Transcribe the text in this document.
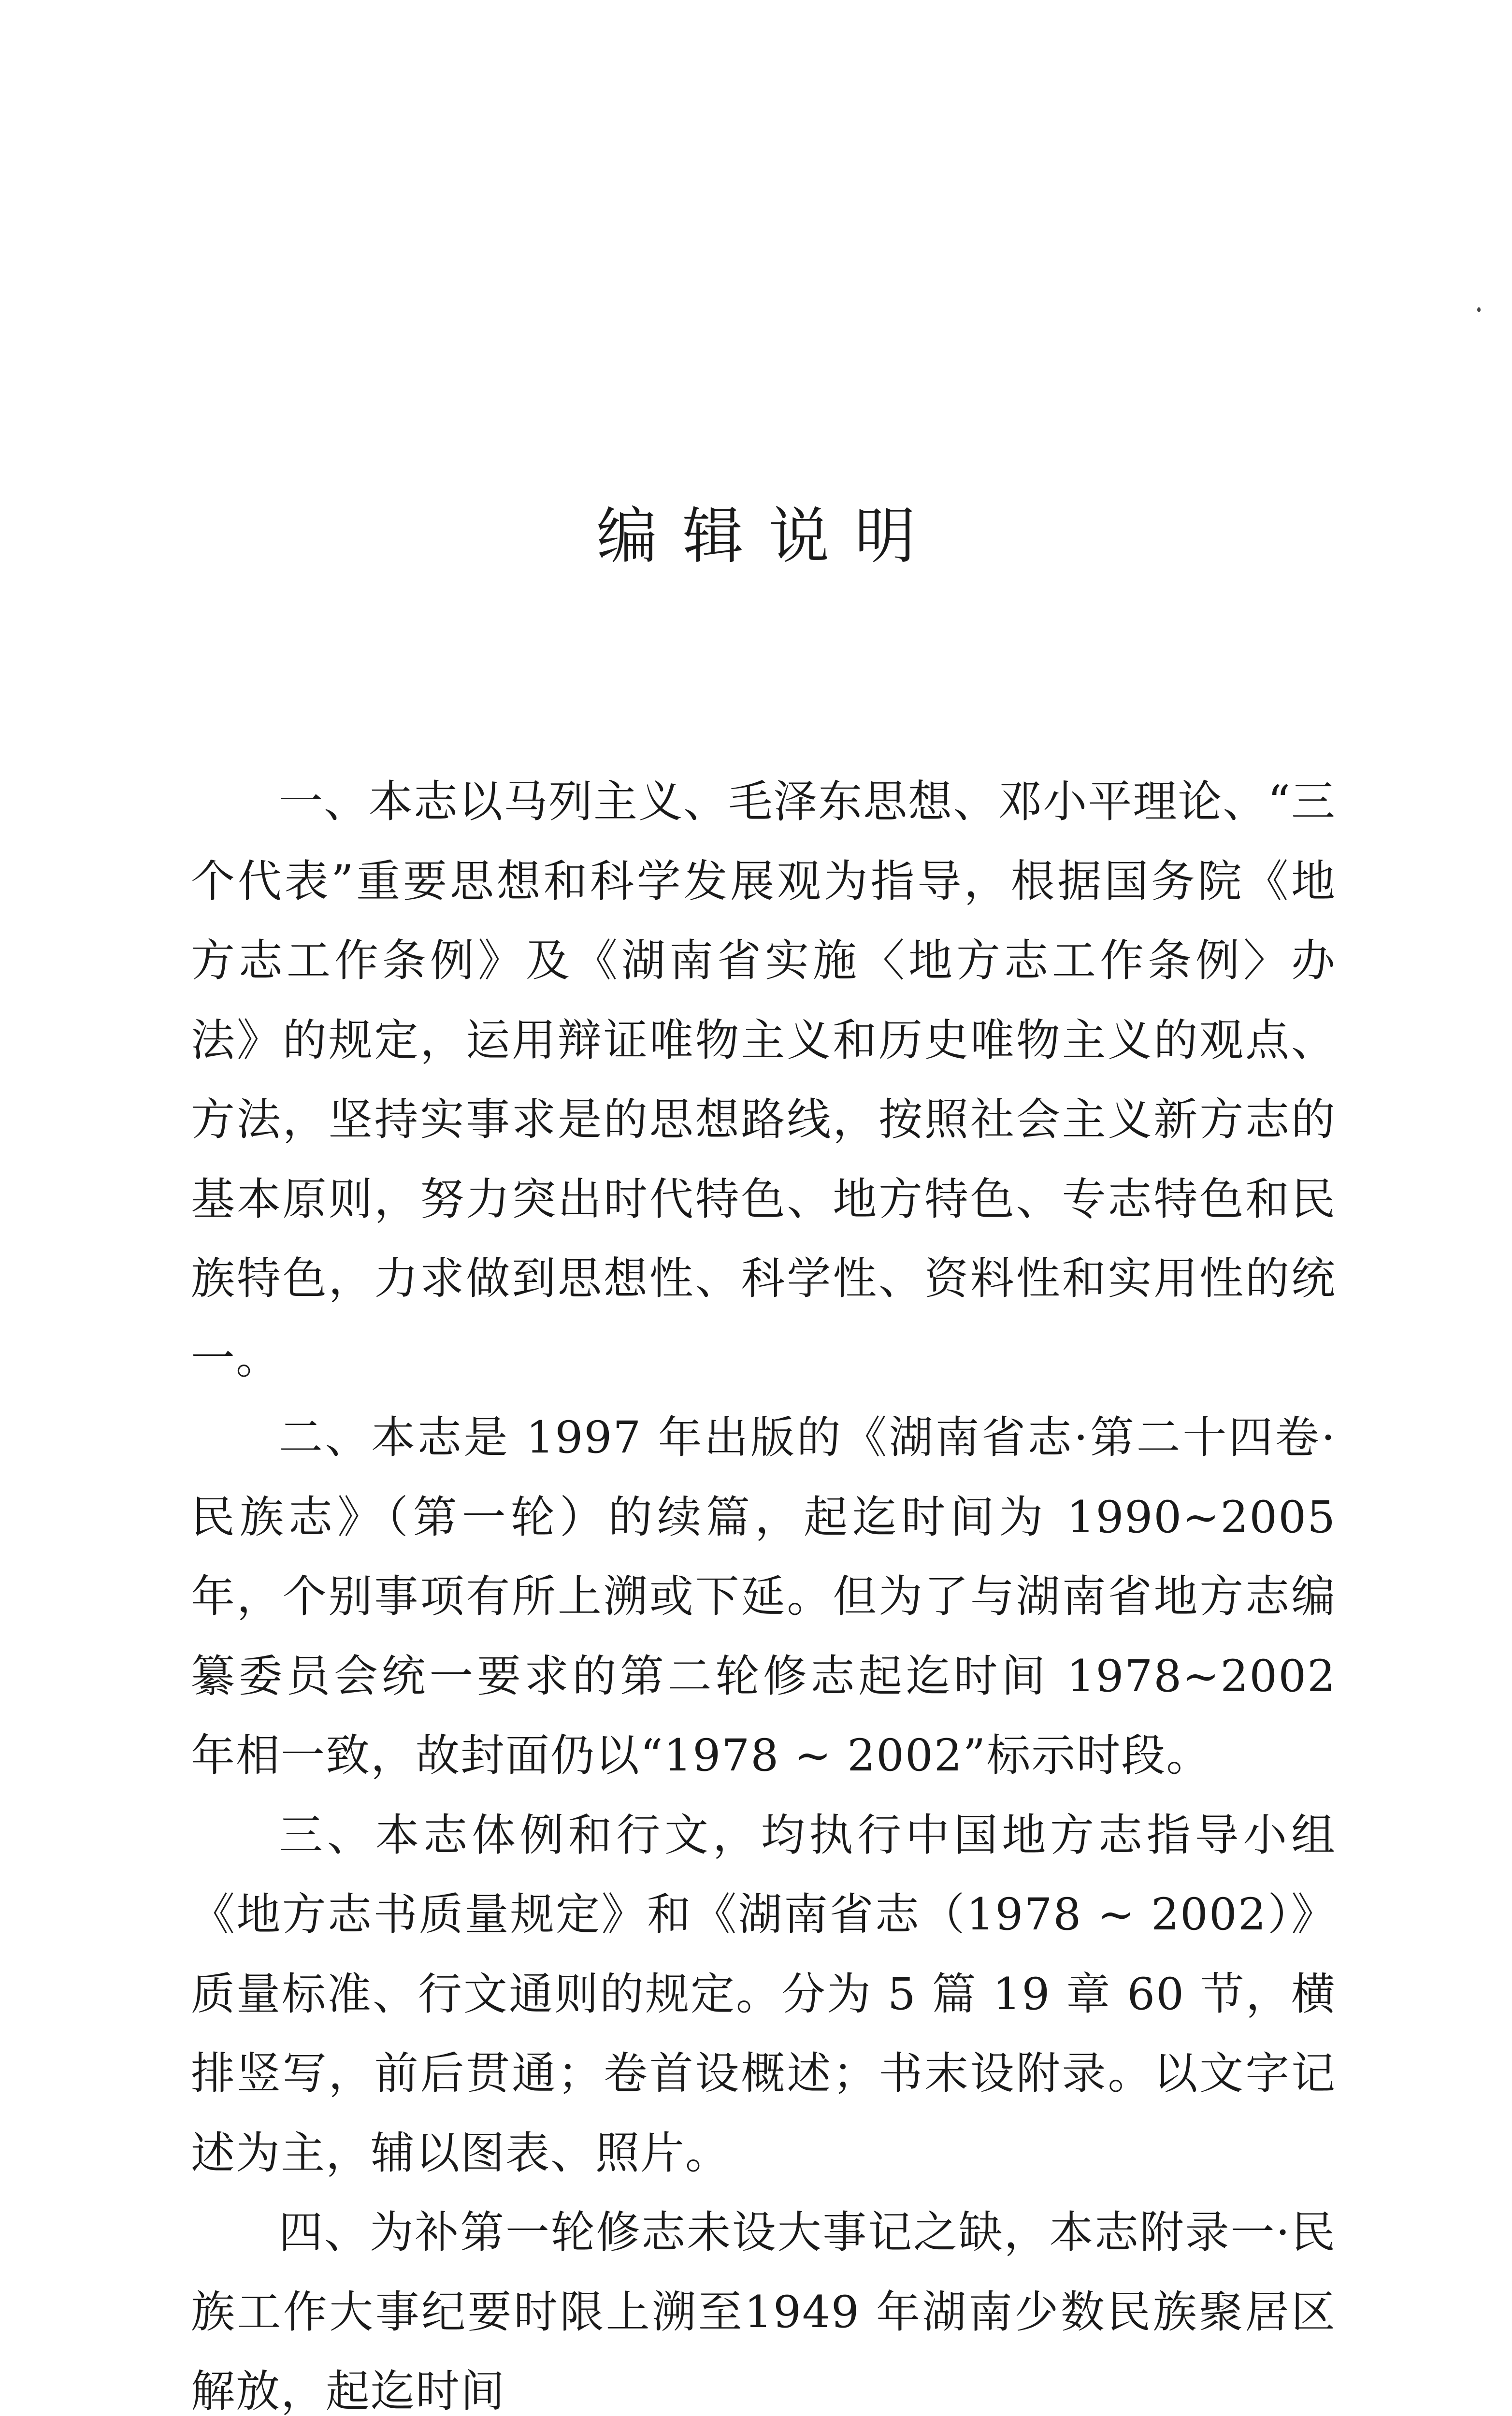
编辑说明

一、本志以马列主义、毛泽东思想、邓小平理论、“三个代表”重要思想和科学发展观为指导，根据国务院《地方志工作条例》及《湖南省实施〈地方志工作条例〉办法》的规定，运用辩证唯物主义和历史唯物主义的观点、方法，坚持实事求是的思想路线，按照社会主义新方志的基本原则，努力突出时代特色、地方特色、专志特色和民族特色，力求做到思想性、科学性、资料性和实用性的统一。

二、本志是 1997 年出版的《湖南省志·第二十四卷·民族志》（第一轮）的续篇，起迄时间为 1990~2005 年，个别事项有所上溯或下延。但为了与湖南省地方志编纂委员会统一要求的第二轮修志起迄时间 1978~2002 年相一致，故封面仍以“1978 ~ 2002”标示时段。

三、本志体例和行文，均执行中国地方志指导小组《地方志书质量规定》和《湖南省志（1978 ~ 2002）》质量标准、行文通则的规定。分为 5 篇 19 章 60 节，横排竖写，前后贯通；卷首设概述；书末设附录。以文字记述为主，辅以图表、照片。

四、为补第一轮修志未设大事记之缺，本志附录一·民族工作大事纪要时限上溯至1949 年湖南少数民族聚居区解放，起迄时间
